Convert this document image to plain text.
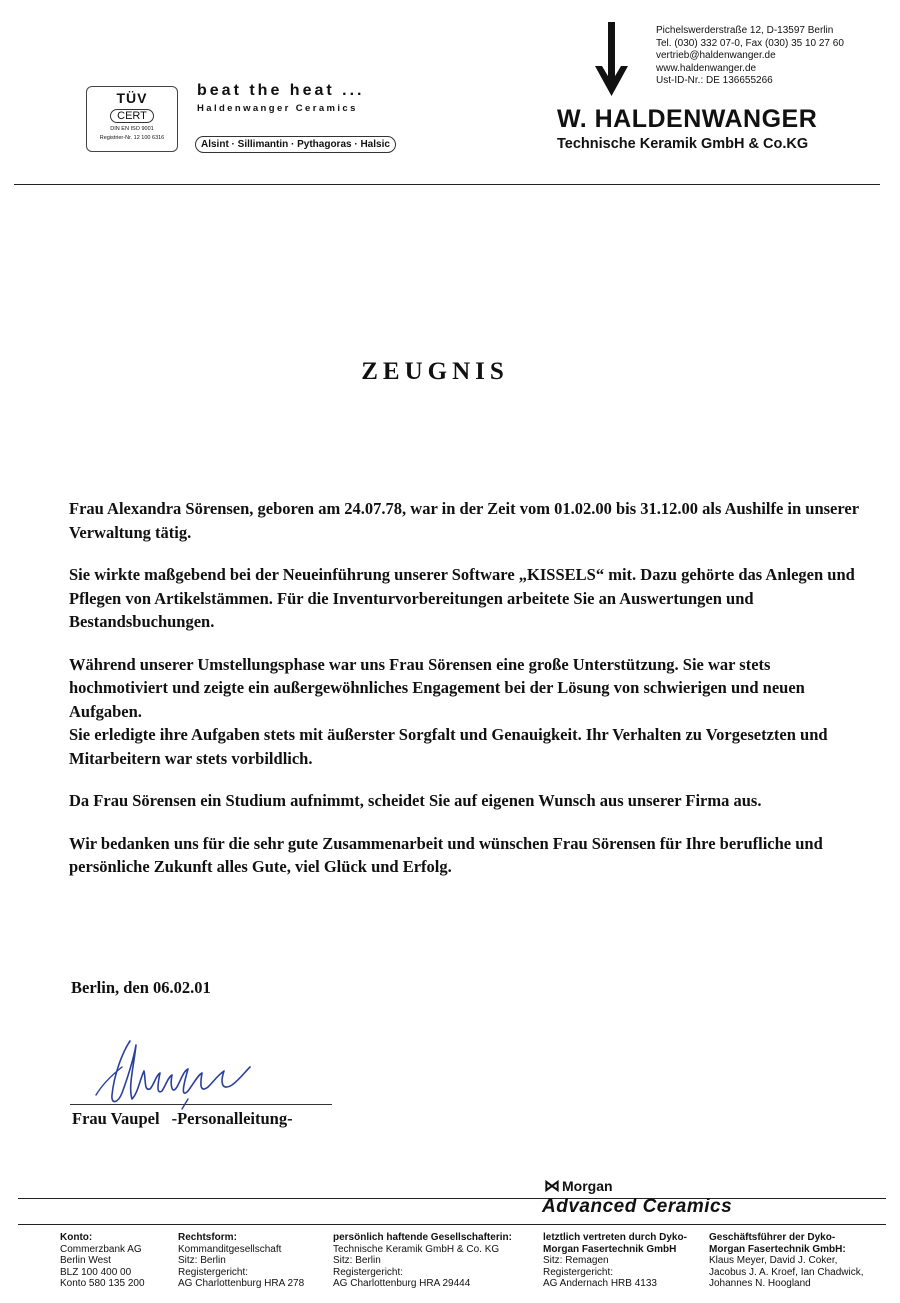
TÜV
CERT
DIN EN ISO 9001
Registrier-Nr. 12 100 6316
beat the heat ...
Haldenwanger Ceramics
Alsint · Sillimantin · Pythagoras · Halsic
Pichelswerderstraße 12, D-13597 Berlin
Tel. (030) 332 07-0, Fax (030) 35 10 27 60
vertrieb@haldenwanger.de
www.haldenwanger.de
Ust-ID-Nr.: DE 136655266
W. HALDENWANGER
Technische Keramik GmbH & Co.KG
ZEUGNIS

Frau Alexandra Sörensen, geboren am 24.07.78, war in der Zeit vom 01.02.00 bis 31.12.00 als Aushilfe in unserer Verwaltung tätig.

Sie wirkte maßgebend bei der Neueinführung unserer Software „KISSELS“ mit. Dazu gehörte das Anlegen und Pflegen von Artikelstämmen. Für die Inventurvorbereitungen arbeitete Sie an Auswertungen und Bestandsbuchungen.

Während unserer Umstellungsphase war uns Frau Sörensen eine große Unterstützung. Sie war stets hochmotiviert und zeigte ein außergewöhnliches Engagement bei der Lösung von schwierigen und neuen Aufgaben.

Sie erledigte ihre Aufgaben stets mit äußerster Sorgfalt und Genauigkeit. Ihr Verhalten zu Vorgesetzten und Mitarbeitern war stets vorbildlich.

Da Frau Sörensen ein Studium aufnimmt, scheidet Sie auf eigenen Wunsch aus unserer Firma aus.

Wir bedanken uns für die sehr gute Zusammenarbeit und wünschen Frau Sörensen für Ihre berufliche und persönliche Zukunft alles Gute, viel Glück und Erfolg.

Berlin, den 06.02.01
Frau Vaupel -Personalleitung-
⋈ Morgan
Advanced Ceramics
Konto:
Commerzbank AG
Berlin West
BLZ 100 400 00
Konto 580 135 200
Rechtsform:
Kommanditgesellschaft
Sitz: Berlin
Registergericht:
AG Charlottenburg HRA 278
persönlich haftende Gesellschafterin:
Technische Keramik GmbH & Co. KG
Sitz: Berlin
Registergericht:
AG Charlottenburg HRA 29444
letztlich vertreten durch Dyko-
Morgan Fasertechnik GmbH
Sitz: Remagen
Registergericht:
AG Andernach HRB 4133
Geschäftsführer der Dyko-
Morgan Fasertechnik GmbH:
Klaus Meyer, David J. Coker,
Jacobus J. A. Kroef, Ian Chadwick,
Johannes N. Hoogland
